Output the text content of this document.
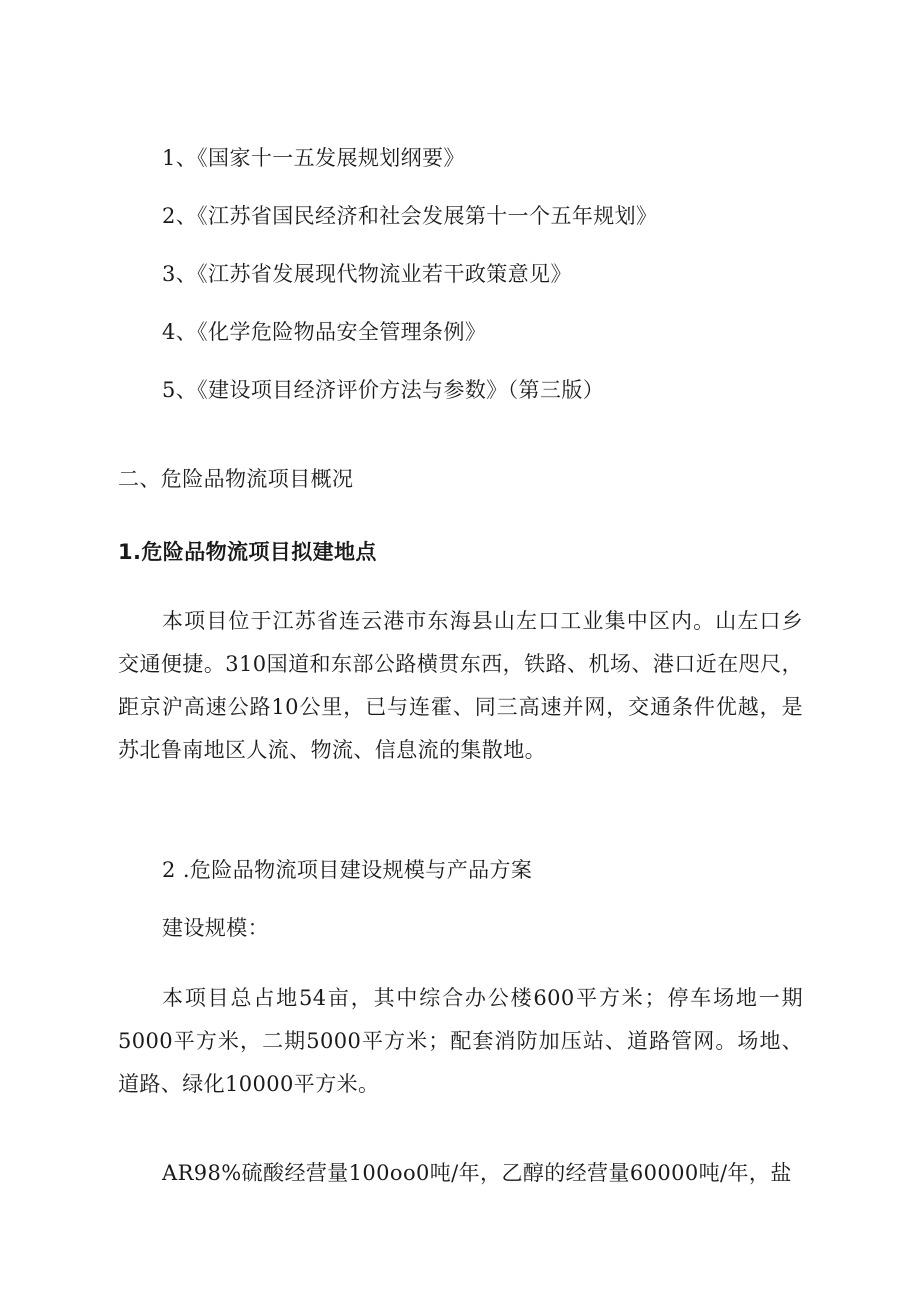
1、《国家十一五发展规划纲要》
2、《江苏省国民经济和社会发展第十一个五年规划》
3、《江苏省发展现代物流业若干政策意见》
4、《化学危险物品安全管理条例》
5、《建设项目经济评价方法与参数》（第三版）
二、危险品物流项目概况
1.危险品物流项目拟建地点
本项目位于江苏省连云港市东海县山左口工业集中区内。山左口乡交通便捷。310国道和东部公路横贯东西，铁路、机场、港口近在咫尺，距京沪高速公路10公里，已与连霍、同三高速并网，交通条件优越，是苏北鲁南地区人流、物流、信息流的集散地。
2 .危险品物流项目建设规模与产品方案
建设规模：
本项目总占地54亩，其中综合办公楼600平方米；停车场地一期5000平方米，二期5000平方米；配套消防加压站、道路管网。场地、道路、绿化10000平方米。
AR98%硫酸经营量100oo0吨/年，乙醇的经营量60000吨/年，盐
